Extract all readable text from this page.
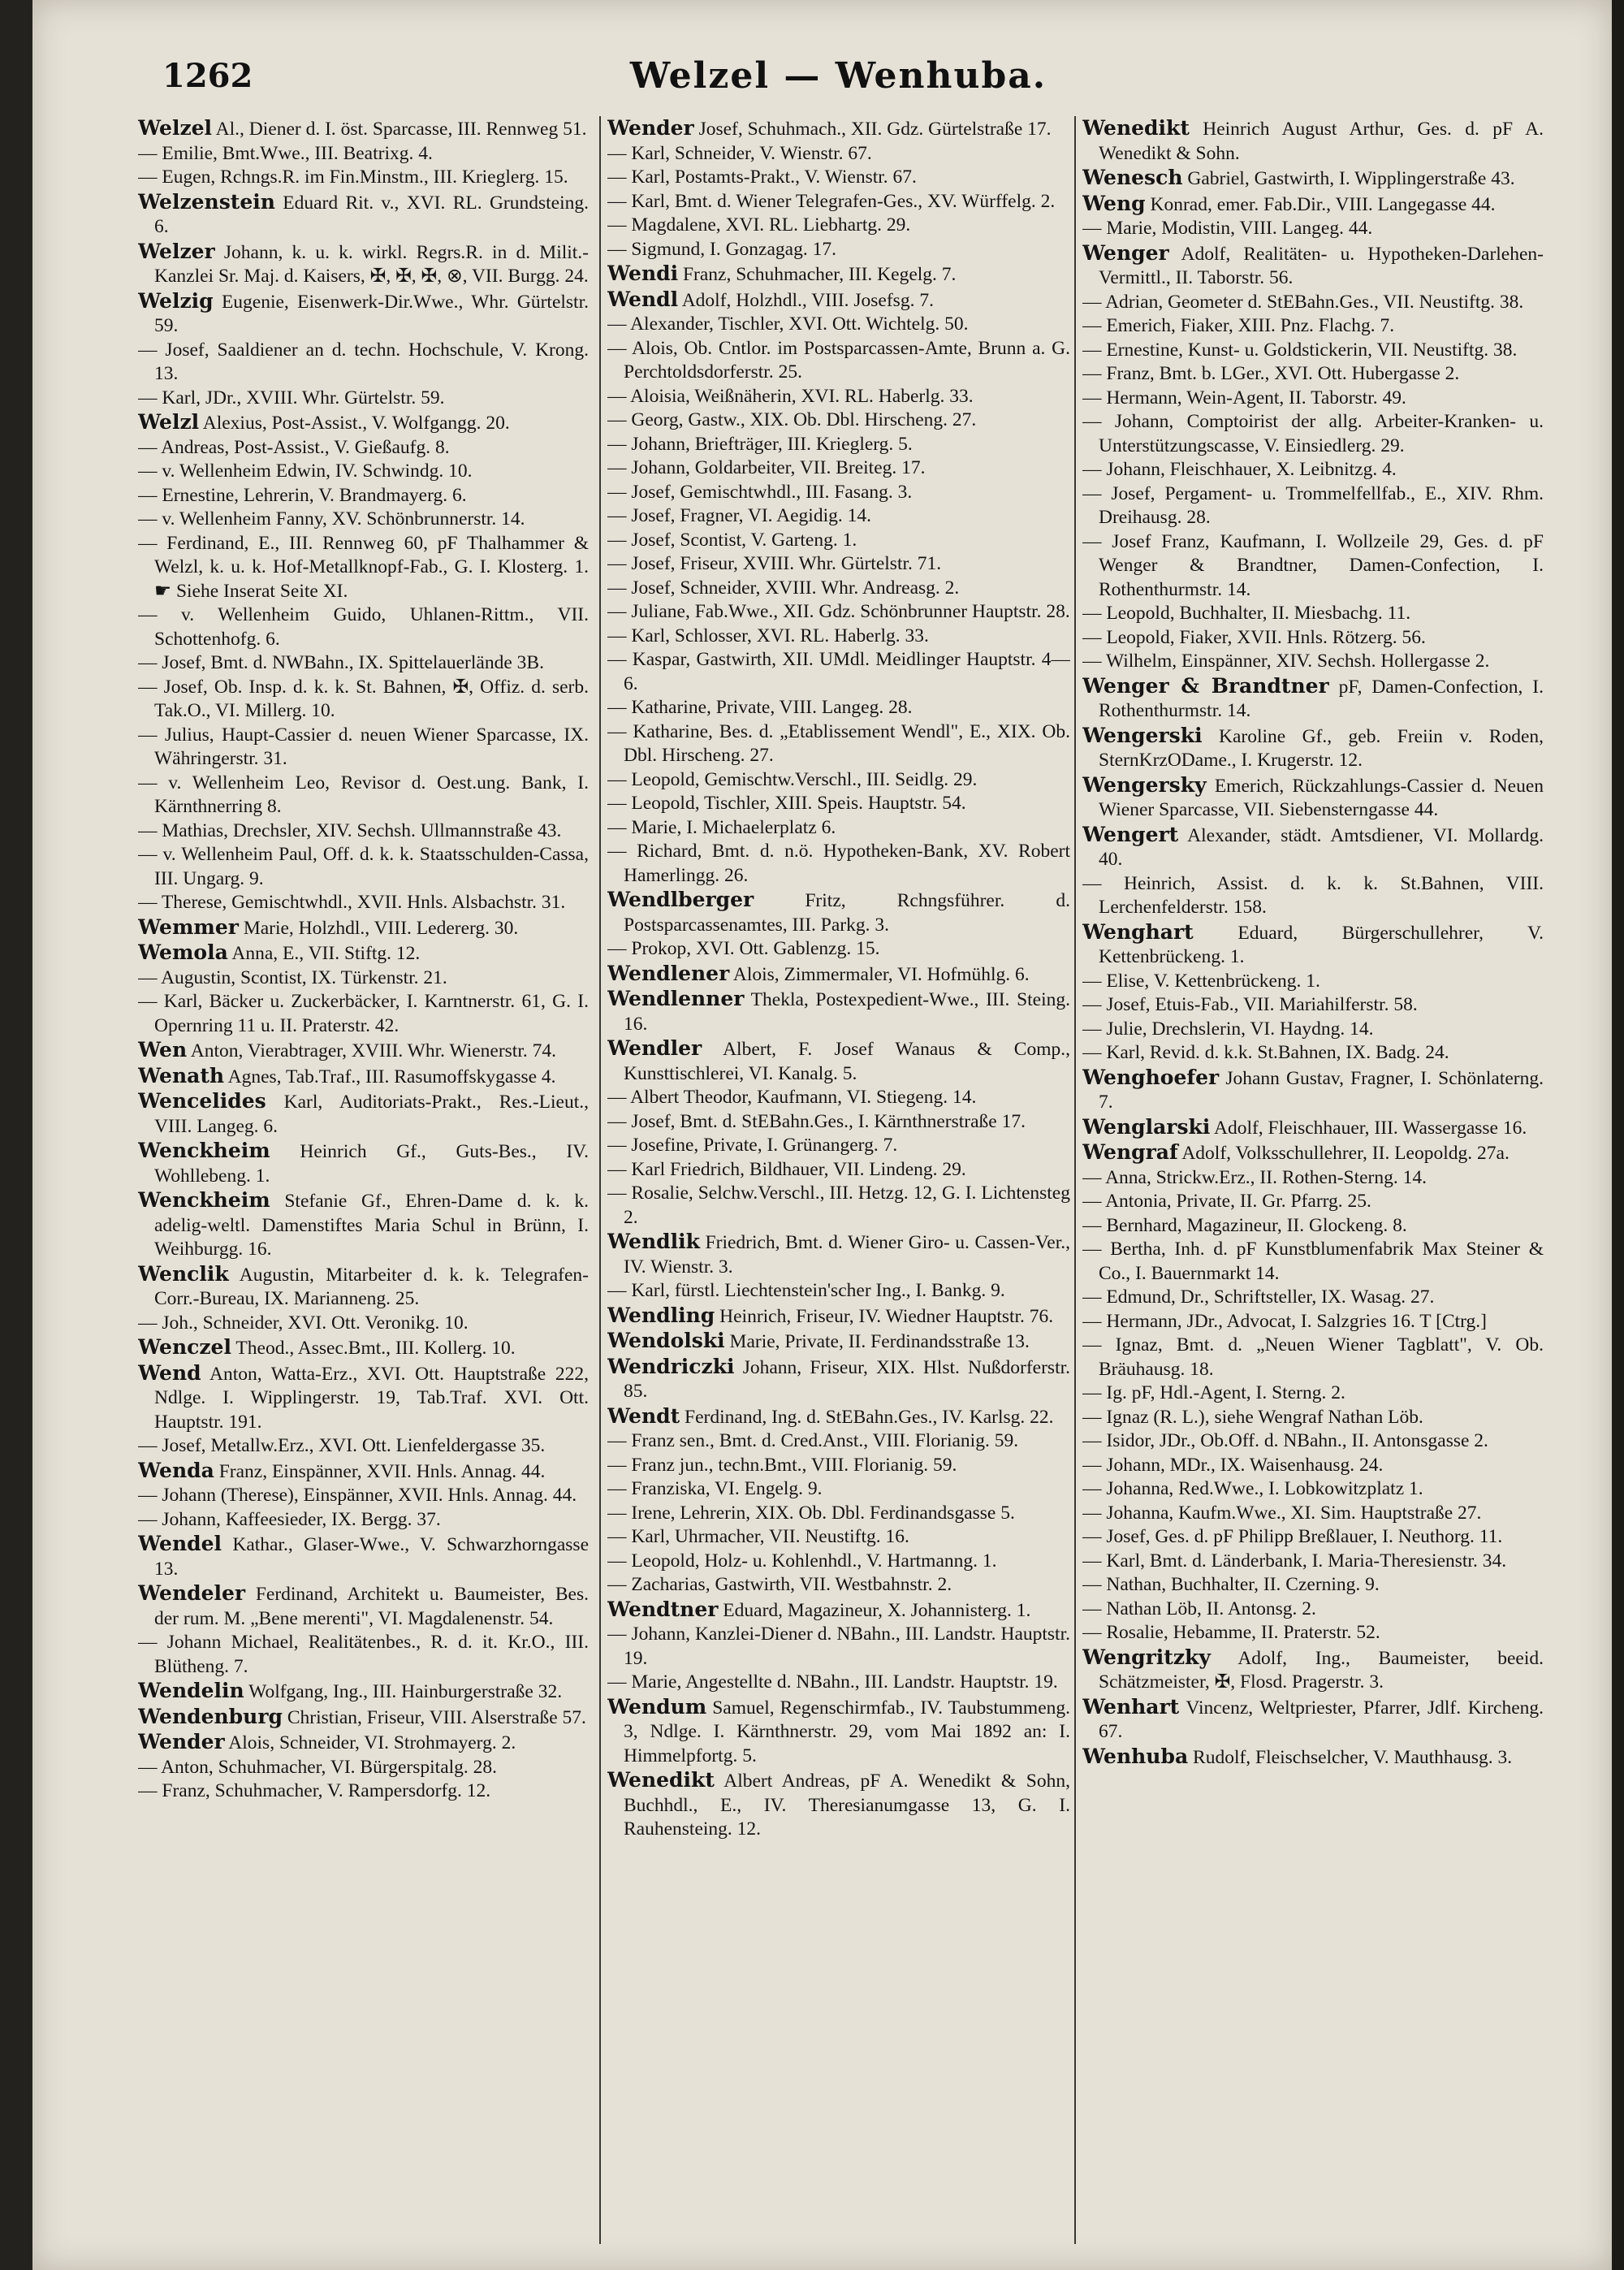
1262	Welzel — Wenhuba.

Welzel Al., Diener d. I. öst. Sparcasse, III. Rennweg 51.

— Emilie, Bmt.Wwe., III. Beatrixg. 4.

— Eugen, Rchngs.R. im Fin.Minstm., III. Krieglerg. 15.

Welzenstein Eduard Rit. v., XVI. RL. Grundsteing. 6.

Welzer Johann, k. u. k. wirkl. Regrs.R. in d. Milit.-Kanzlei Sr. Maj. d. Kaisers, ✠, ✠, ✠, ⊗, VII. Burgg. 24.

Welzig Eugenie, Eisenwerk-Dir.Wwe., Whr. Gürtelstr. 59.

— Josef, Saaldiener an d. techn. Hochschule, V. Krong. 13.

— Karl, JDr., XVIII. Whr. Gürtelstr. 59.

Welzl Alexius, Post-Assist., V. Wolfgangg. 20.

— Andreas, Post-Assist., V. Gießaufg. 8.

— v. Wellenheim Edwin, IV. Schwindg. 10.

— Ernestine, Lehrerin, V. Brandmayerg. 6.

— v. Wellenheim Fanny, XV. Schönbrunnerstr. 14.

— Ferdinand, E., III. Rennweg 60, pF Thalhammer & Welzl, k. u. k. Hof-Metallknopf-Fab., G. I. Klosterg. 1. ☛ Siehe Inserat Seite XI.

— v. Wellenheim Guido, Uhlanen-Rittm., VII. Schottenhofg. 6.

— Josef, Bmt. d. NWBahn., IX. Spittelauerlände 3B.

— Josef, Ob. Insp. d. k. k. St. Bahnen, ✠, Offiz. d. serb. Tak.O., VI. Millerg. 10.

— Julius, Haupt-Cassier d. neuen Wiener Sparcasse, IX. Währingerstr. 31.

— v. Wellenheim Leo, Revisor d. Oest.ung. Bank, I. Kärnthnerring 8.

— Mathias, Drechsler, XIV. Sechsh. Ullmannstraße 43.

— v. Wellenheim Paul, Off. d. k. k. Staatsschulden-Cassa, III. Ungarg. 9.

— Therese, Gemischtwhdl., XVII. Hnls. Alsbachstr. 31.

Wemmer Marie, Holzhdl., VIII. Ledererg. 30.

Wemola Anna, E., VII. Stiftg. 12.

— Augustin, Scontist, IX. Türkenstr. 21.

— Karl, Bäcker u. Zuckerbäcker, I. Karntnerstr. 61, G. I. Opernring 11 u. II. Praterstr. 42.

Wen Anton, Vierabtrager, XVIII. Whr. Wienerstr. 74.

Wenath Agnes, Tab.Traf., III. Rasumoffskygasse 4.

Wencelides Karl, Auditoriats-Prakt., Res.-Lieut., VIII. Langeg. 6.

Wenckheim Heinrich Gf., Guts-Bes., IV. Wohllebeng. 1.

Wenckheim Stefanie Gf., Ehren-Dame d. k. k. adelig-weltl. Damenstiftes Maria Schul in Brünn, I. Weihburgg. 16.

Wenclik Augustin, Mitarbeiter d. k. k. Telegrafen-Corr.-Bureau, IX. Mariannеng. 25.

— Joh., Schneider, XVI. Ott. Veronikg. 10.

Wenczel Theod., Assec.Bmt., III. Kollerg. 10.

Wend Anton, Watta-Erz., XVI. Ott. Hauptstraße 222, Ndlge. I. Wipplingerstr. 19, Tab.Traf. XVI. Ott. Hauptstr. 191.

— Josef, Metallw.Erz., XVI. Ott. Lienfeldergasse 35.

Wenda Franz, Einspänner, XVII. Hnls. Annag. 44.

— Johann (Therese), Einspänner, XVII. Hnls. Annag. 44.

— Johann, Kaffeesieder, IX. Bergg. 37.

Wendel Kathar., Glaser-Wwe., V. Schwarzhorngasse 13.

Wendeler Ferdinand, Architekt u. Baumeister, Bes. der rum. M. „Bene merenti", VI. Magdalenenstr. 54.

— Johann Michael, Realitätenbes., R. d. it. Kr.O., III. Blütheng. 7.

Wendelin Wolfgang, Ing., III. Hainburgerstraße 32.

Wendenburg Christian, Friseur, VIII. Alserstraße 57.

Wender Alois, Schneider, VI. Strohmayerg. 2.

— Anton, Schuhmacher, VI. Bürgerspitalg. 28.

— Franz, Schuhmacher, V. Rampersdorfg. 12.

Wender Josef, Schuhmach., XII. Gdz. Gürtelstraße 17.

— Karl, Schneider, V. Wienstr. 67.

— Karl, Postamts-Prakt., V. Wienstr. 67.

— Karl, Bmt. d. Wiener Telegrafen-Ges., XV. Würffelg. 2.

— Magdalene, XVI. RL. Liebhartg. 29.

— Sigmund, I. Gonzagag. 17.

Wendi Franz, Schuhmacher, III. Kegelg. 7.

Wendl Adolf, Holzhdl., VIII. Josefsg. 7.

— Alexander, Tischler, XVI. Ott. Wichtelg. 50.

— Alois, Ob. Cntlor. im Postsparcassen-Amte, Brunn a. G. Perchtoldsdorferstr. 25.

— Aloisia, Weißnäherin, XVI. RL. Haberlg. 33.

— Georg, Gastw., XIX. Ob. Dbl. Hirscheng. 27.

— Johann, Briefträger, III. Krieglerg. 5.

— Johann, Goldarbeiter, VII. Breiteg. 17.

— Josef, Gemischtwhdl., III. Fasang. 3.

— Josef, Fragner, VI. Aegidig. 14.

— Josef, Scontist, V. Garteng. 1.

— Josef, Friseur, XVIII. Whr. Gürtelstr. 71.

— Josef, Schneider, XVIII. Whr. Andreasg. 2.

— Juliane, Fab.Wwe., XII. Gdz. Schönbrunner Hauptstr. 28.

— Karl, Schlosser, XVI. RL. Haberlg. 33.

— Kaspar, Gastwirth, XII. UMdl. Meidlinger Hauptstr. 4—6.

— Katharine, Private, VIII. Langeg. 28.

— Katharine, Bes. d. „Etablissement Wendl", E., XIX. Ob. Dbl. Hirscheng. 27.

— Leopold, Gemischtw.Verschl., III. Seidlg. 29.

— Leopold, Tischler, XIII. Speis. Hauptstr. 54.

— Marie, I. Michaelerplatz 6.

— Richard, Bmt. d. n.ö. Hypotheken-Bank, XV. Robert Hamerlingg. 26.

Wendlberger	Fritz, Rchngsführer. d. Postsparcassenamtes, III. Parkg. 3.

— Prokop, XVI. Ott. Gablenzg. 15.

Wendlener Alois, Zimmermaler, VI. Hofmühlg. 6.

Wendlenner Thekla, Postexpedient-Wwe., III. Steing. 16.

Wendler Albert, F. Josef Wanaus & Comp., Kunsttischlerei, VI. Kanalg. 5.

— Albert Theodor, Kaufmann, VI. Stiegeng. 14.

— Josef, Bmt. d. StEBahn.Ges., I. Kärnthnerstraße 17.

— Josefine, Private, I. Grünangerg. 7.

— Karl Friedrich, Bildhauer, VII. Lindeng. 29.

— Rosalie, Selchw.Verschl., III. Hetzg. 12, G. I. Lichtensteg 2.

Wendlik Friedrich, Bmt. d. Wiener Giro- u. Cassen-Ver., IV. Wienstr. 3.

— Karl, fürstl. Liechtenstein'scher Ing., I. Bankg. 9.

Wendling Heinrich, Friseur, IV. Wiedner Hauptstr. 76.

Wendolski Marie, Private, II. Ferdinandsstraße 13.

Wendriczki Johann, Friseur, XIX. Hlst. Nußdorferstr. 85.

Wendt Ferdinand, Ing. d. StEBahn.Ges., IV. Karlsg. 22.

— Franz sen., Bmt. d. Cred.Anst., VIII. Florianig. 59.

— Franz jun., techn.Bmt., VIII. Florianig. 59.

— Franziska, VI. Engelg. 9.

— Irene, Lehrerin, XIX. Ob. Dbl. Ferdinandsgasse 5.

— Karl, Uhrmacher, VII. Neustiftg. 16.

— Leopold, Holz- u. Kohlenhdl., V. Hartmanng. 1.

— Zacharias, Gastwirth, VII. Westbahnstr. 2.

Wendtner Eduard, Magazineur, X. Johannisterg. 1.

— Johann, Kanzlei-Diener d. NBahn., III. Landstr. Hauptstr. 19.

— Marie, Angestellte d. NBahn., III. Landstr. Hauptstr. 19.

Wendum Samuel, Regenschirmfab., IV. Taubstummeng. 3, Ndlge. I. Kärnthnerstr. 29, vom Mai 1892 an: I. Himmelpfortg. 5.

Wenedikt Albert Andreas, pF A. Wenedikt & Sohn, Buchhdl., E., IV. Theresianumgasse 13, G. I. Rauhensteing. 12.

Wenedikt Heinrich August Arthur, Ges. d. pF A. Wenedikt & Sohn.

Wenesch Gabriel, Gastwirth, I. Wipplingerstraße 43.

Weng Konrad, emer. Fab.Dir., VIII. Langegasse 44.

— Marie, Modistin, VIII. Langeg. 44.

Wenger Adolf, Realitäten- u. Hypotheken-Darlehen-Vermittl., II. Taborstr. 56.

— Adrian, Geometer d. StEBahn.Ges., VII. Neustiftg. 38.

— Emerich, Fiaker, XIII. Pnz. Flachg. 7.

— Ernestine, Kunst- u. Goldstickerin, VII. Neustiftg. 38.

— Franz, Bmt. b. LGer., XVI. Ott. Hubergasse 2.

— Hermann, Wein-Agent, II. Taborstr. 49.

— Johann, Comptoirist der allg. Arbeiter-Kranken- u. Unterstützungscasse, V. Einsiedlerg. 29.

— Johann, Fleischhauer, X. Leibnitzg. 4.

— Josef, Pergament- u. Trommelfellfab., E., XIV. Rhm. Dreihausg. 28.

— Josef Franz, Kaufmann, I. Wollzeile 29, Ges. d. pF Wenger & Brandtner, Damen-Confection, I. Rothenthurmstr. 14.

— Leopold, Buchhalter, II. Miesbachg. 11.

— Leopold, Fiaker, XVII. Hnls. Rötzerg. 56.

— Wilhelm, Einspänner, XIV. Sechsh. Hollergasse 2.

Wenger & Brandtner pF, Damen-Confection, I. Rothenthurmstr. 14.

Wengerski Karoline Gf., geb. Freiin v. Roden, SternKrzODame., I. Krugerstr. 12.

Wengersky Emerich, Rückzahlungs-Cassier d. Neuen Wiener Sparcasse, VII. Siebensterngasse 44.

Wengert Alexander, städt. Amtsdiener, VI. Mollardg. 40.

— Heinrich, Assist. d. k. k. St.Bahnen, VIII. Lerchenfelderstr. 158.

Wenghart Eduard, Bürgerschullehrer, V. Kettenbrückeng. 1.

— Elise, V. Kettenbrückeng. 1.

— Josef, Etuis-Fab., VII. Mariahilferstr. 58.

— Julie, Drechslerin, VI. Haydng. 14.

— Karl, Revid. d. k.k. St.Bahnen, IX. Badg. 24.

Wenghoefer Johann Gustav, Fragner, I. Schönlaterng. 7.

Wenglarski Adolf, Fleischhauer, III. Wassergasse 16.

Wengraf Adolf, Volksschullehrer, II. Leopoldg. 27a.

— Anna, Strickw.Erz., II. Rothen-Sterng. 14.

— Antonia, Private, II. Gr. Pfarrg. 25.

— Bernhard, Magazineur, II. Glockeng. 8.

— Bertha, Inh. d. pF Kunstblumenfabrik Max Steiner & Co., I. Bauernmarkt 14.

— Edmund, Dr., Schriftsteller, IX. Wasag. 27.

— Hermann, JDr., Advocat, I. Salzgries 16. T [Ctrg.]

— Ignaz, Bmt. d. „Neuen Wiener Tagblatt", V. Ob. Bräuhausg. 18.

— Ig. pF, Hdl.-Agent, I. Sterng. 2.

— Ignaz (R. L.), siehe Wengraf Nathan Löb.

— Isidor, JDr., Ob.Off. d. NBahn., II. Antonsgasse 2.

— Johann, MDr., IX. Waisenhausg. 24.

— Johanna, Red.Wwe., I. Lobkowitzplatz 1.

— Johanna, Kaufm.Wwe., XI. Sim. Hauptstraße 27.

— Josef, Ges. d. pF Philipp Breßlauer, I. Neuthorg. 11.

— Karl, Bmt. d. Länderbank, I. Maria-Theresienstr. 34.

— Nathan, Buchhalter, II. Czerning. 9.

— Nathan Löb, II. Antonsg. 2.

— Rosalie, Hebamme, II. Praterstr. 52.

Wengritzky Adolf, Ing., Baumeister, beeid. Schätzmeister, ✠, Flosd. Pragerstr. 3.

Wenhart Vincenz, Weltpriester, Pfarrer, Jdlf. Kircheng. 67.

Wenhuba Rudolf, Fleischselcher, V. Mauthhausg. 3.
